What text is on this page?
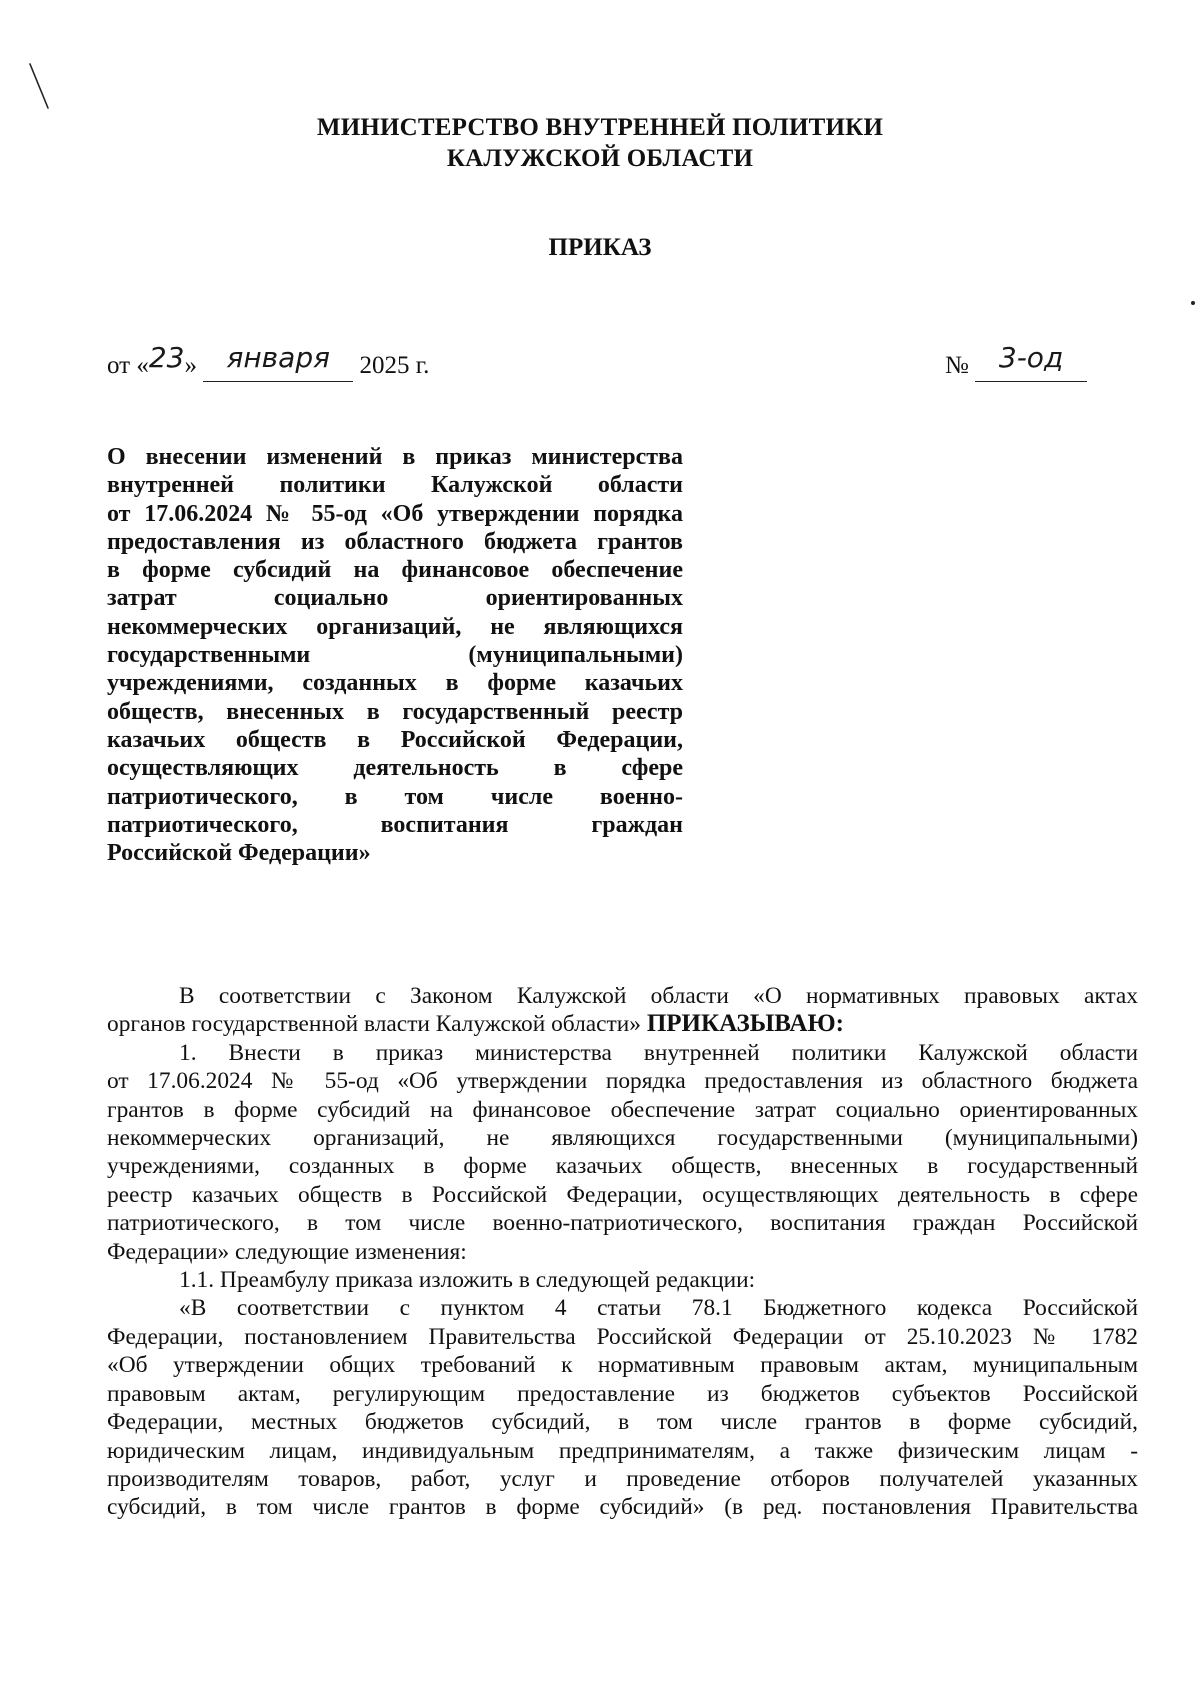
МИНИСТЕРСТВО ВНУТРЕННЕЙ ПОЛИТИКИ
КАЛУЖСКОЙ ОБЛАСТИ
ПРИКАЗ
от «23» января 2025 г.	№ 3-од
О внесении изменений в приказ министерства
внутренней политики Калужской области
от 17.06.2024 № 55-од «Об утверждении порядка
предоставления из областного бюджета грантов
в форме субсидий на финансовое обеспечение
затрат социально ориентированных
некоммерческих организаций, не являющихся
государственными (муниципальными)
учреждениями, созданных в форме казачьих
обществ, внесенных в государственный реестр
казачьих обществ в Российской Федерации,
осуществляющих деятельность в сфере
патриотического, в том числе военно-
патриотического, воспитания граждан
Российской Федерации»
В соответствии с Законом Калужской области «О нормативных правовых актах
органов государственной власти Калужской области» ПРИКАЗЫВАЮ:
1. Внести в приказ министерства внутренней политики Калужской области
от 17.06.2024 № 55-од «Об утверждении порядка предоставления из областного бюджета
грантов в форме субсидий на финансовое обеспечение затрат социально ориентированных
некоммерческих организаций, не являющихся государственными (муниципальными)
учреждениями, созданных в форме казачьих обществ, внесенных в государственный
реестр казачьих обществ в Российской Федерации, осуществляющих деятельность в сфере
патриотического, в том числе военно-патриотического, воспитания граждан Российской
Федерации» следующие изменения:
1.1. Преамбулу приказа изложить в следующей редакции:
«В соответствии с пунктом 4 статьи 78.1 Бюджетного кодекса Российской
Федерации, постановлением Правительства Российской Федерации от 25.10.2023 № 1782
«Об утверждении общих требований к нормативным правовым актам, муниципальным
правовым актам, регулирующим предоставление из бюджетов субъектов Российской
Федерации, местных бюджетов субсидий, в том числе грантов в форме субсидий,
юридическим лицам, индивидуальным предпринимателям, а также физическим лицам -
производителям товаров, работ, услуг и проведение отборов получателей указанных
субсидий, в том числе грантов в форме субсидий» (в ред. постановления Правительства
